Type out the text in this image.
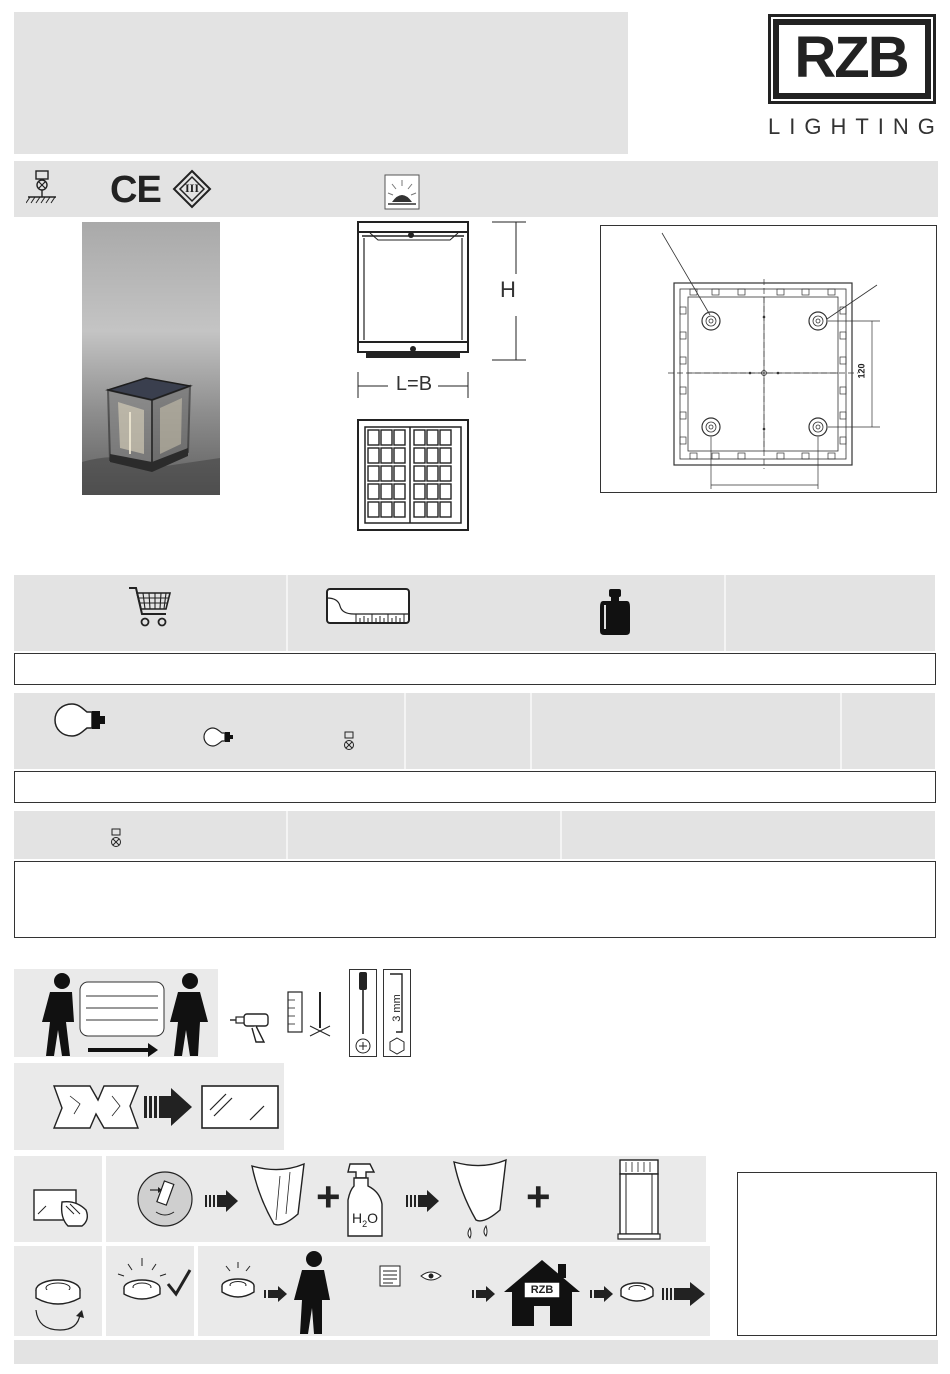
RZB
LIGHTING
CE	III
H
L=B
120
3 mm
+ $H_2O$	+
RZB
